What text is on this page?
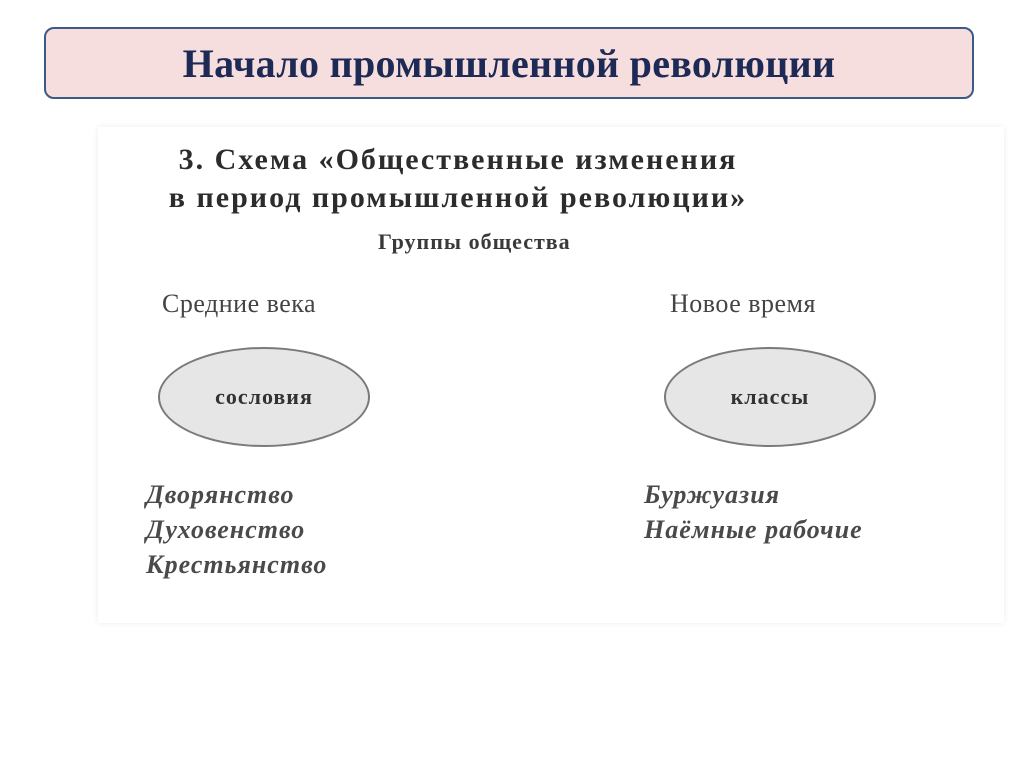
Начало промышленной революции
3. Схема «Общественные изменения
в период промышленной революции»
Группы общества
Средние века	Новое время
сословия	классы
Дворянство
Духовенство
Крестьянство
Буржуазия
Наёмные рабочие
